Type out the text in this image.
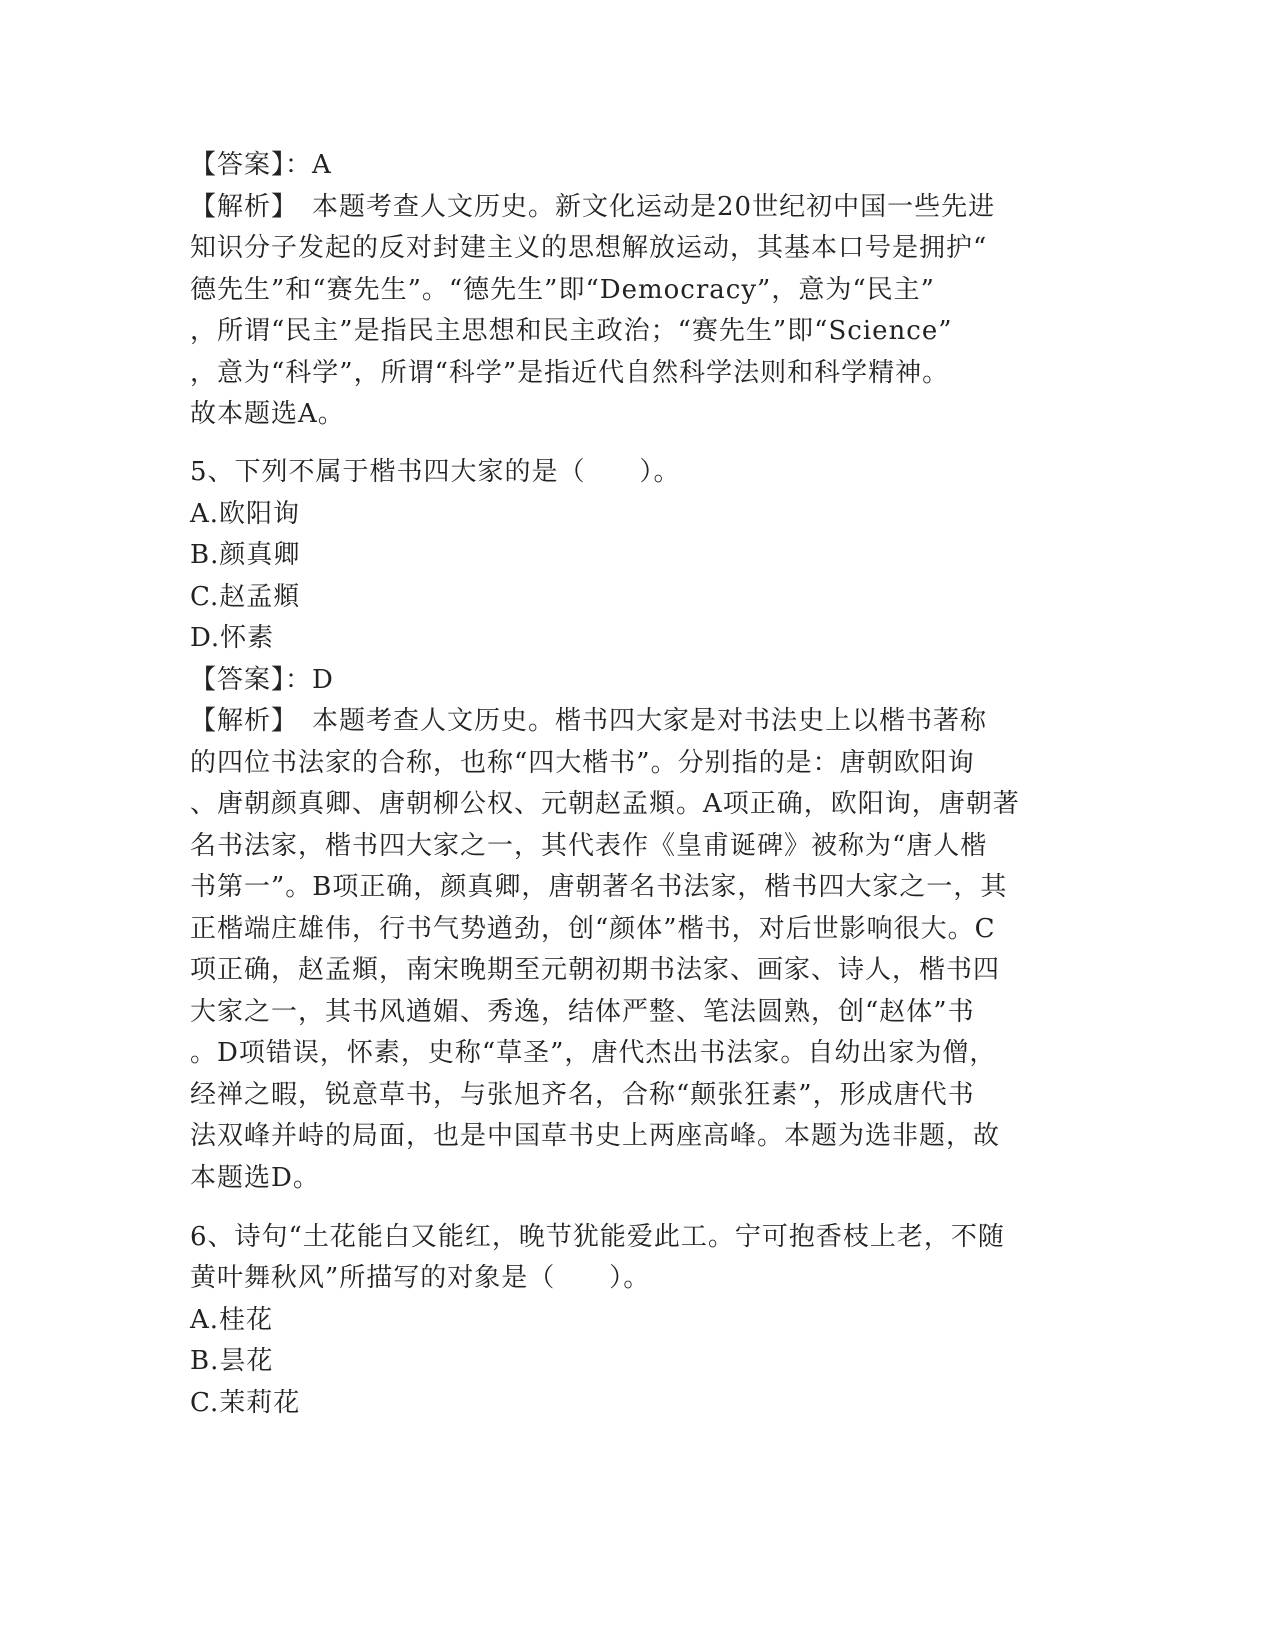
【答案】：A
【解析】　本题考查人文历史。新文化运动是20世纪初中国一些先进
知识分子发起的反对封建主义的思想解放运动，其基本口号是拥护“
德先生”和“赛先生”。“德先生”即“Democracy”，意为“民主”
，所谓“民主”是指民主思想和民主政治；“赛先生”即“Science”
，意为“科学”，所谓“科学”是指近代自然科学法则和科学精神。
故本题选A。
5、下列不属于楷书四大家的是（　　）。
A.欧阳询
B.颜真卿
C.赵孟頫
D.怀素
【答案】：D
【解析】　本题考查人文历史。楷书四大家是对书法史上以楷书著称
的四位书法家的合称，也称“四大楷书”。分别指的是：唐朝欧阳询
、唐朝颜真卿、唐朝柳公权、元朝赵孟頫。A项正确，欧阳询，唐朝著
名书法家，楷书四大家之一，其代表作《皇甫诞碑》被称为“唐人楷
书第一”。B项正确，颜真卿，唐朝著名书法家，楷书四大家之一，其
正楷端庄雄伟，行书气势遒劲，创“颜体”楷书，对后世影响很大。C
项正确，赵孟頫，南宋晚期至元朝初期书法家、画家、诗人，楷书四
大家之一，其书风遒媚、秀逸，结体严整、笔法圆熟，创“赵体”书
。D项错误，怀素，史称“草圣”，唐代杰出书法家。自幼出家为僧，
经禅之暇，锐意草书，与张旭齐名，合称“颠张狂素”，形成唐代书
法双峰并峙的局面，也是中国草书史上两座高峰。本题为选非题，故
本题选D。
6、诗句“土花能白又能红，晚节犹能爱此工。宁可抱香枝上老，不随
黄叶舞秋风”所描写的对象是（　　）。
A.桂花
B.昙花
C.茉莉花
